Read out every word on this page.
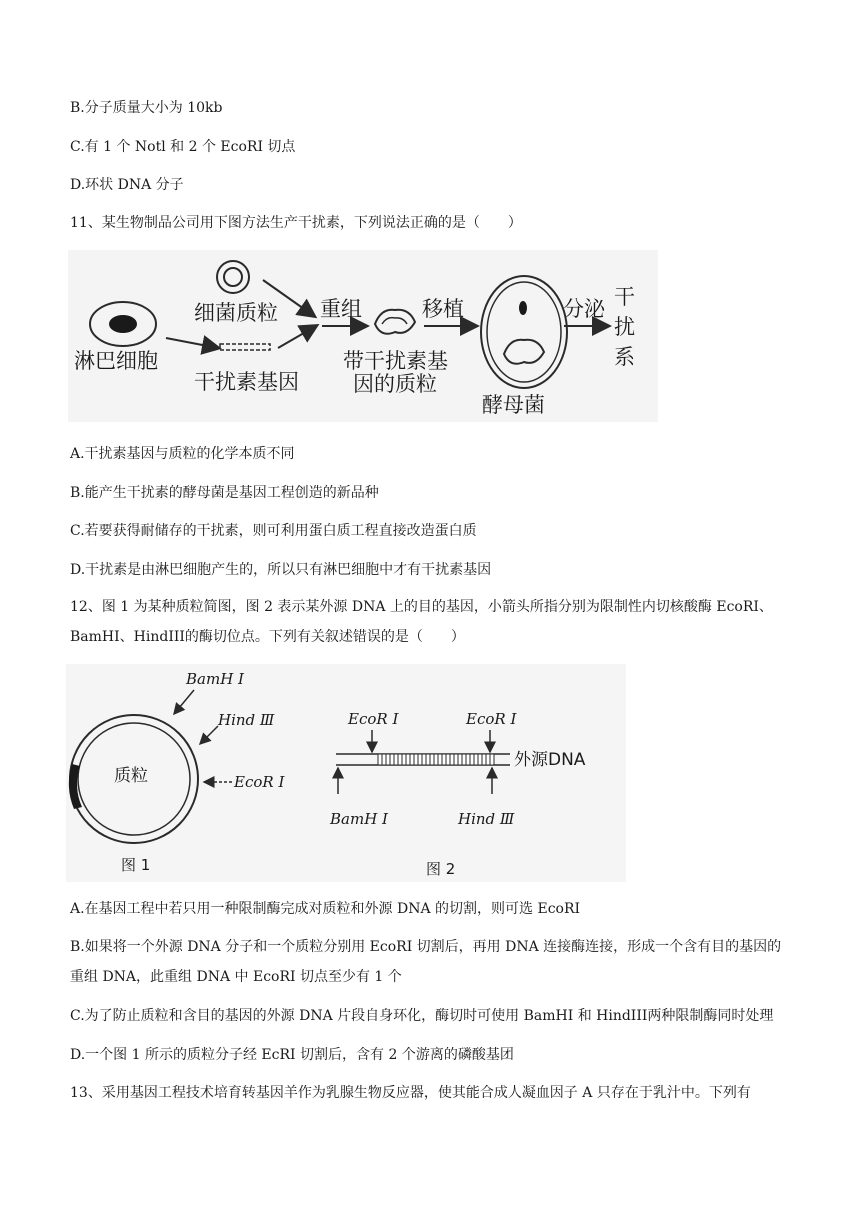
B.分子质量大小为 10kb
C.有 1 个 Notl 和 2 个 EcoRI 切点
D.环状 DNA 分子
11、某生物制品公司用下图方法生产干扰素，下列说法正确的是（　　）
淋巴细胞
细菌质粒
干扰素基因
重组
带干扰素基
因的质粒
移植
酵母菌
分泌 干
扰
系
A.干扰素基因与质粒的化学本质不同
B.能产生干扰素的酵母菌是基因工程创造的新品种
C.若要获得耐储存的干扰素，则可利用蛋白质工程直接改造蛋白质
D.干扰素是由淋巴细胞产生的，所以只有淋巴细胞中才有干扰素基因
12、图 1 为某种质粒简图，图 2 表示某外源 DNA 上的目的基因，小箭头所指分别为限制性内切核酸酶 EcoRI、BamHI、HindIII的酶切位点。下列有关叙述错误的是（　　）
质粒
BamH Ⅰ
Hind Ⅲ
EcoR Ⅰ
图 1
EcoR Ⅰ	EcoR Ⅰ
外源DNA
BamH Ⅰ	Hind Ⅲ
图 2
A.在基因工程中若只用一种限制酶完成对质粒和外源 DNA 的切割，则可选 EcoRI
B.如果将一个外源 DNA 分子和一个质粒分别用 EcoRI 切割后，再用 DNA 连接酶连接，形成一个含有目的基因的重组 DNA，此重组 DNA 中 EcoRI 切点至少有 1 个
C.为了防止质粒和含目的基因的外源 DNA 片段自身环化，酶切时可使用 BamHI 和 HindIII两种限制酶同时处理
D.一个图 1 所示的质粒分子经 EcRI 切割后，含有 2 个游离的磷酸基团
13、采用基因工程技术培育转基因羊作为乳腺生物反应器，使其能合成人凝血因子 A 只存在于乳汁中。下列有
